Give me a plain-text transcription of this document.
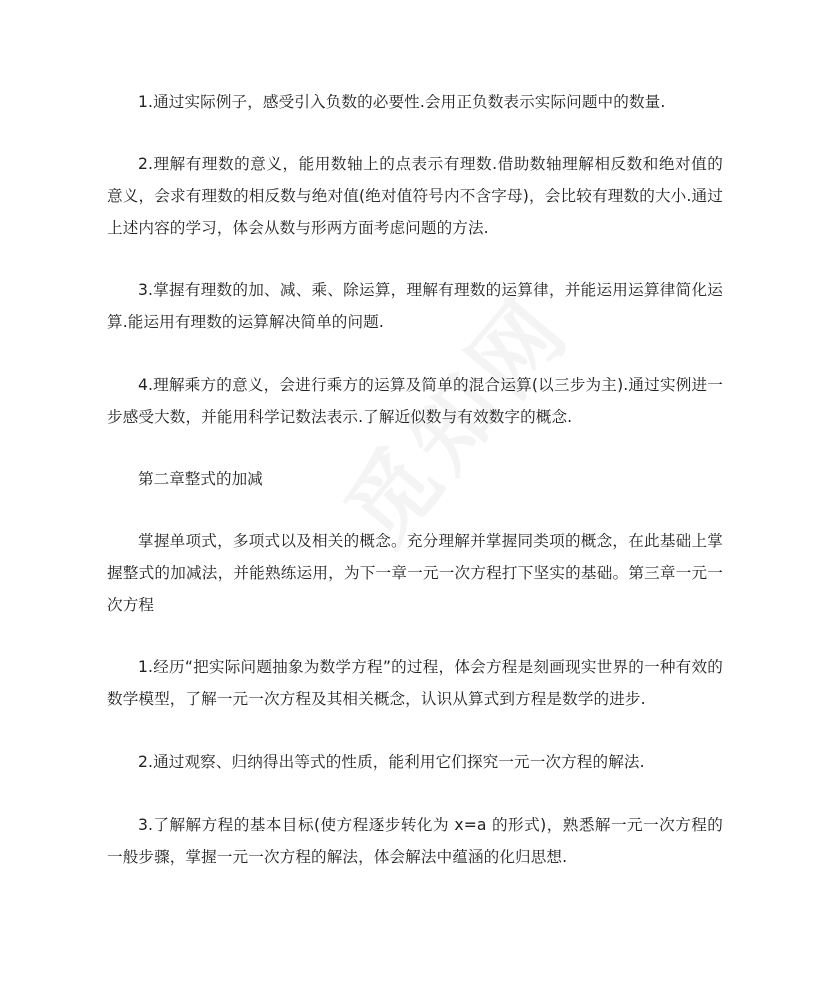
1.通过实际例子，感受引入负数的必要性.会用正负数表示实际问题中的数量.

2.理解有理数的意义，能用数轴上的点表示有理数.借助数轴理解相反数和绝对值的意义，会求有理数的相反数与绝对值(绝对值符号内不含字母)，会比较有理数的大小.通过上述内容的学习，体会从数与形两方面考虑问题的方法.

3.掌握有理数的加、减、乘、除运算，理解有理数的运算律，并能运用运算律简化运算.能运用有理数的运算解决简单的问题.

4.理解乘方的意义，会进行乘方的运算及简单的混合运算(以三步为主).通过实例进一步感受大数，并能用科学记数法表示.了解近似数与有效数字的概念.

第二章整式的加减

掌握单项式，多项式以及相关的概念。充分理解并掌握同类项的概念，在此基础上掌握整式的加减法，并能熟练运用，为下一章一元一次方程打下坚实的基础。第三章一元一次方程

1.经历“把实际问题抽象为数学方程”的过程，体会方程是刻画现实世界的一种有效的数学模型，了解一元一次方程及其相关概念，认识从算式到方程是数学的进步.

2.通过观察、归纳得出等式的性质，能利用它们探究一元一次方程的解法.

3.了解解方程的基本目标(使方程逐步转化为 x=a 的形式)，熟悉解一元一次方程的一般步骤，掌握一元一次方程的解法，体会解法中蕴涵的化归思想.
